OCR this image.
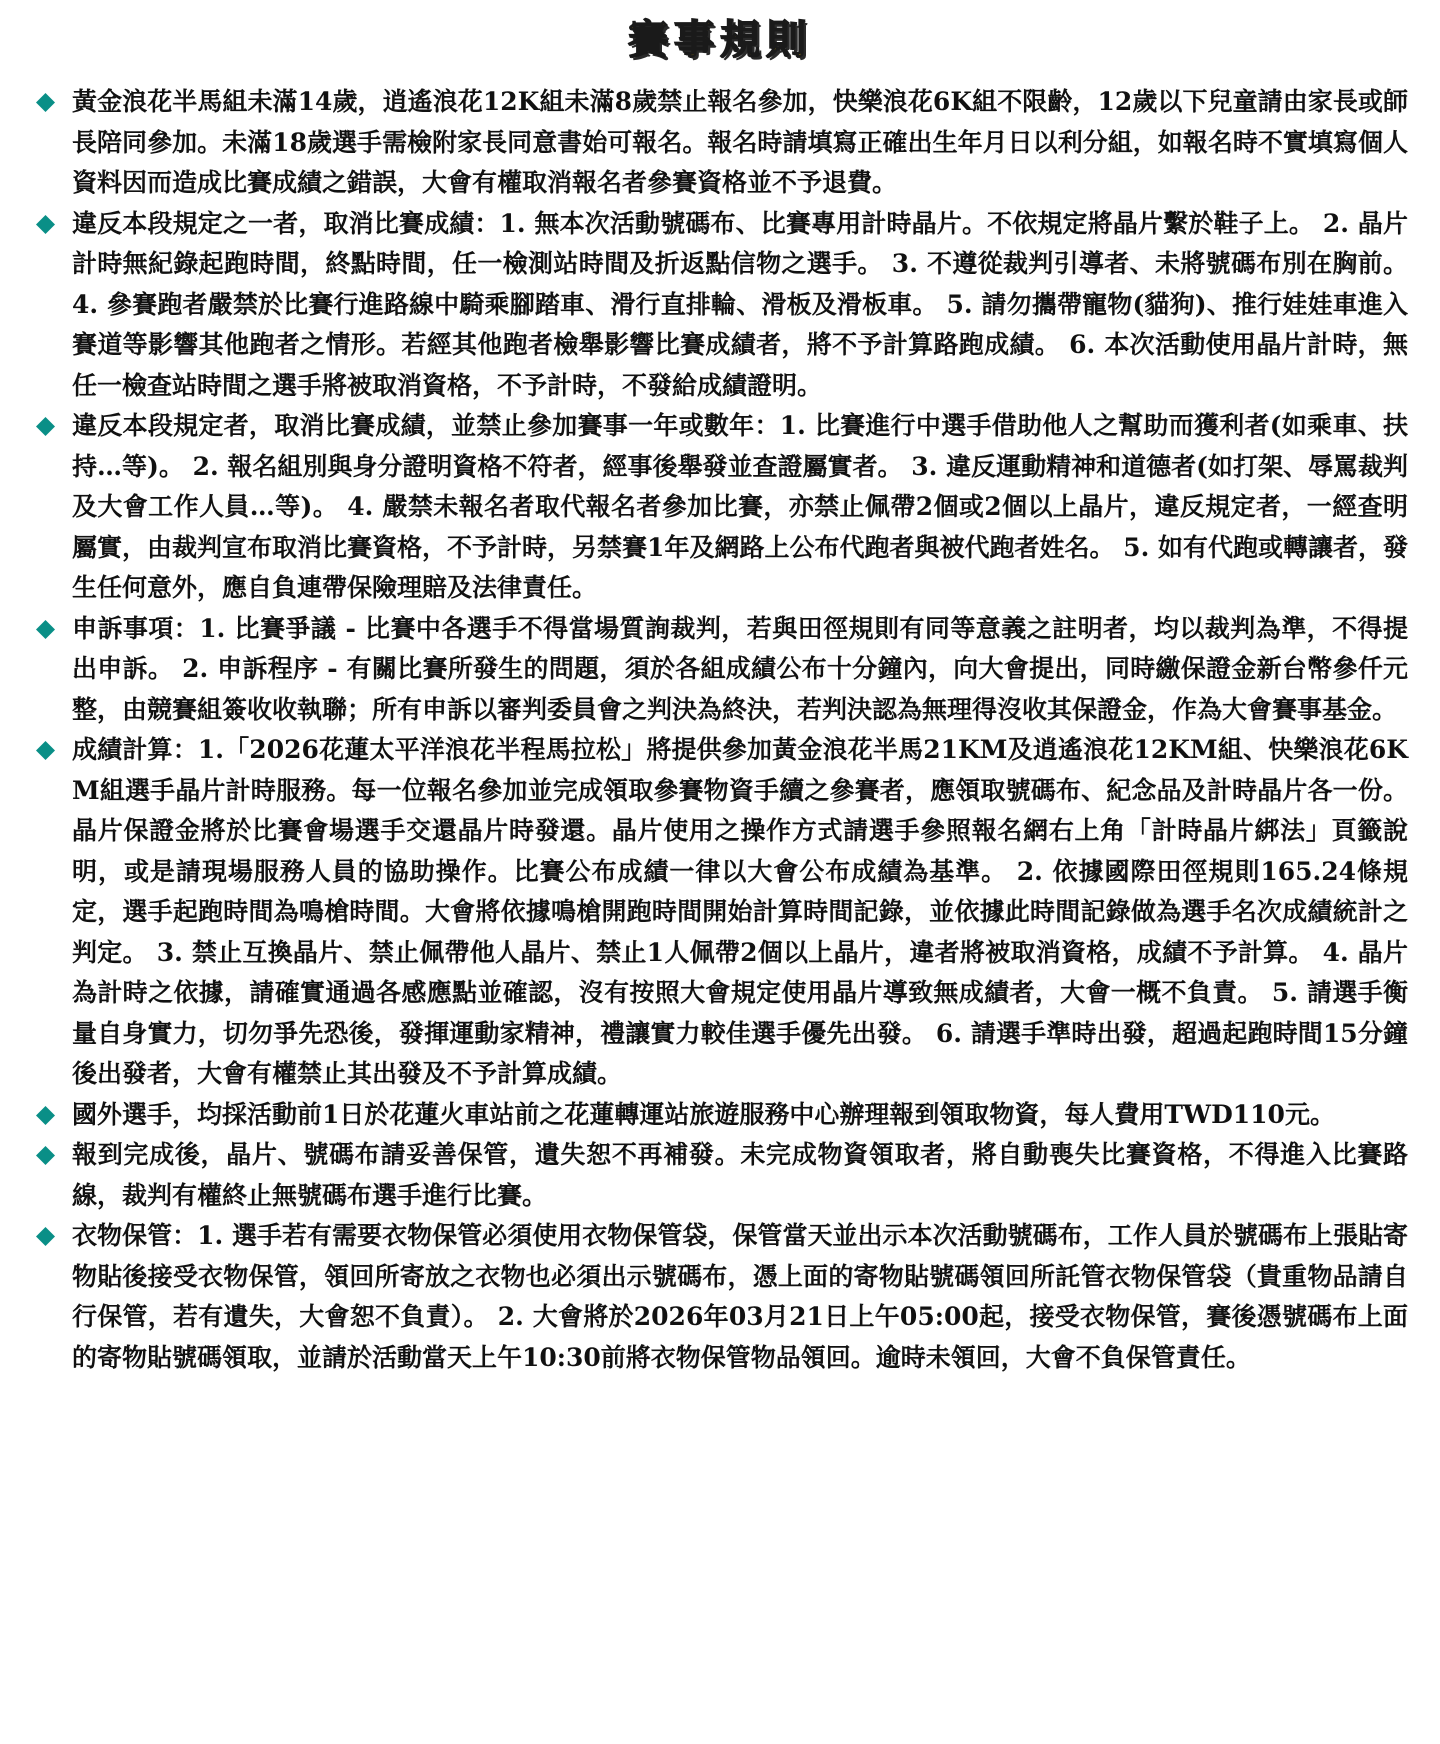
賽事規則
黃金浪花半馬組未滿14歲，逍遙浪花12K組未滿8歲禁止報名參加，快樂浪花6K組不限齡，12歲以下兒童請由家長或師長陪同參加。未滿18歲選手需檢附家長同意書始可報名。報名時請填寫正確出生年月日以利分組，如報名時不實填寫個人資料因而造成比賽成績之錯誤，大會有權取消報名者參賽資格並不予退費。
違反本段規定之一者，取消比賽成績：1. 無本次活動號碼布、比賽專用計時晶片。不依規定將晶片繫於鞋子上。 2. 晶片計時無紀錄起跑時間，終點時間，任一檢測站時間及折返點信物之選手。 3. 不遵從裁判引導者、未將號碼布別在胸前。 4. 參賽跑者嚴禁於比賽行進路線中騎乘腳踏車、滑行直排輪、滑板及滑板車。 5. 請勿攜帶寵物(貓狗)、推行娃娃車進入賽道等影響其他跑者之情形。若經其他跑者檢舉影響比賽成績者，將不予計算路跑成績。 6. 本次活動使用晶片計時，無任一檢查站時間之選手將被取消資格，不予計時，不發給成績證明。
違反本段規定者，取消比賽成績，並禁止參加賽事一年或數年：1. 比賽進行中選手借助他人之幫助而獲利者(如乘車、扶持…等)。 2. 報名組別與身分證明資格不符者，經事後舉發並查證屬實者。 3. 違反運動精神和道德者(如打架、辱罵裁判及大會工作人員…等)。 4. 嚴禁未報名者取代報名者參加比賽，亦禁止佩帶2個或2個以上晶片，違反規定者，一經查明屬實，由裁判宣布取消比賽資格，不予計時，另禁賽1年及網路上公布代跑者與被代跑者姓名。 5. 如有代跑或轉讓者，發生任何意外，應自負連帶保險理賠及法律責任。
申訴事項：1. 比賽爭議 - 比賽中各選手不得當場質詢裁判，若與田徑規則有同等意義之註明者，均以裁判為準，不得提出申訴。 2. 申訴程序 - 有關比賽所發生的問題，須於各組成績公布十分鐘內，向大會提出，同時繳保證金新台幣參仟元整，由競賽組簽收收執聯；所有申訴以審判委員會之判決為終決，若判決認為無理得沒收其保證金，作為大會賽事基金。
成績計算：1.「2026花蓮太平洋浪花半程馬拉松」將提供參加黃金浪花半馬21KM及逍遙浪花12KM組、快樂浪花6KM組選手晶片計時服務。每一位報名參加並完成領取參賽物資手續之參賽者，應領取號碼布、紀念品及計時晶片各一份。晶片保證金將於比賽會場選手交還晶片時發還。晶片使用之操作方式請選手參照報名網右上角「計時晶片綁法」頁籤說明，或是請現場服務人員的協助操作。比賽公布成績一律以大會公布成績為基準。 2. 依據國際田徑規則165.24條規定，選手起跑時間為鳴槍時間。大會將依據鳴槍開跑時間開始計算時間記錄，並依據此時間記錄做為選手名次成績統計之判定。 3. 禁止互換晶片、禁止佩帶他人晶片、禁止1人佩帶2個以上晶片，違者將被取消資格，成績不予計算。 4. 晶片為計時之依據，請確實通過各感應點並確認，沒有按照大會規定使用晶片導致無成績者，大會一概不負責。 5. 請選手衡量自身實力，切勿爭先恐後，發揮運動家精神，禮讓實力較佳選手優先出發。 6. 請選手準時出發，超過起跑時間15分鐘後出發者，大會有權禁止其出發及不予計算成績。
國外選手，均採活動前1日於花蓮火車站前之花蓮轉運站旅遊服務中心辦理報到領取物資，每人費用TWD110元。
報到完成後，晶片、號碼布請妥善保管，遺失恕不再補發。未完成物資領取者，將自動喪失比賽資格，不得進入比賽路線，裁判有權終止無號碼布選手進行比賽。
衣物保管：1. 選手若有需要衣物保管必須使用衣物保管袋，保管當天並出示本次活動號碼布，工作人員於號碼布上張貼寄物貼後接受衣物保管，領回所寄放之衣物也必須出示號碼布，憑上面的寄物貼號碼領回所託管衣物保管袋（貴重物品請自行保管，若有遺失，大會恕不負責）。 2. 大會將於2026年03月21日上午05:00起，接受衣物保管，賽後憑號碼布上面的寄物貼號碼領取，並請於活動當天上午10:30前將衣物保管物品領回。逾時未領回，大會不負保管責任。
